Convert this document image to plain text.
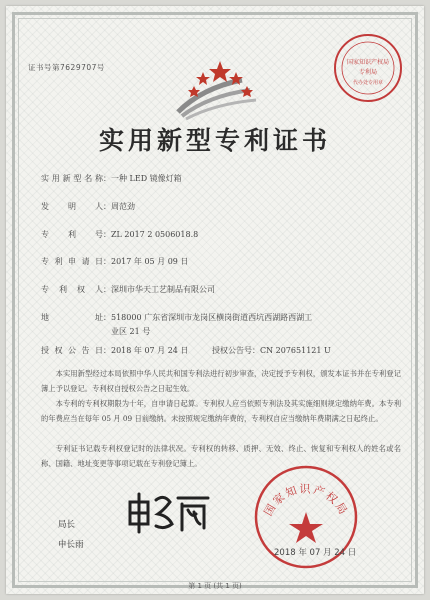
证书号第7629707号
国家知识产权局
专利局
代办处专用章
实用新型专利证书
实用新型名称：一种 LED 镜像灯箱
发 明 人：周范劲
专 利 号：ZL 2017 2 0506018.8
专利申请日：2017 年 05 月 09 日
专 利 权 人：深圳市华天工艺制品有限公司
地 址：518000 广东省深圳市龙岗区横岗街道西坑西湖路西湖工
业区 21 号
授权公告日：2018 年 07 月 24 日	授权公告号：CN 207651121 U
本实用新型经过本局依照中华人民共和国专利法进行初步审查，决定授予专利权，颁发本证书并在专利登记簿上予以登记。专利权自授权公告之日起生效。
本专利的专利权期限为十年，自申请日起算。专利权人应当依照专利法及其实施细则规定缴纳年费。本专利的年费应当在每年 05 月 09 日前缴纳。未按照规定缴纳年费的，专利权自应当缴纳年费期满之日起终止。
专利证书记载专利权登记时的法律状况。专利权的转移、质押、无效、终止、恢复和专利权人的姓名或名称、国籍、地址变更等事项记载在专利登记簿上。
局长
申长雨
国家知识产权局
2018 年 07 月 24 日
第 1 页 (共 1 页)
